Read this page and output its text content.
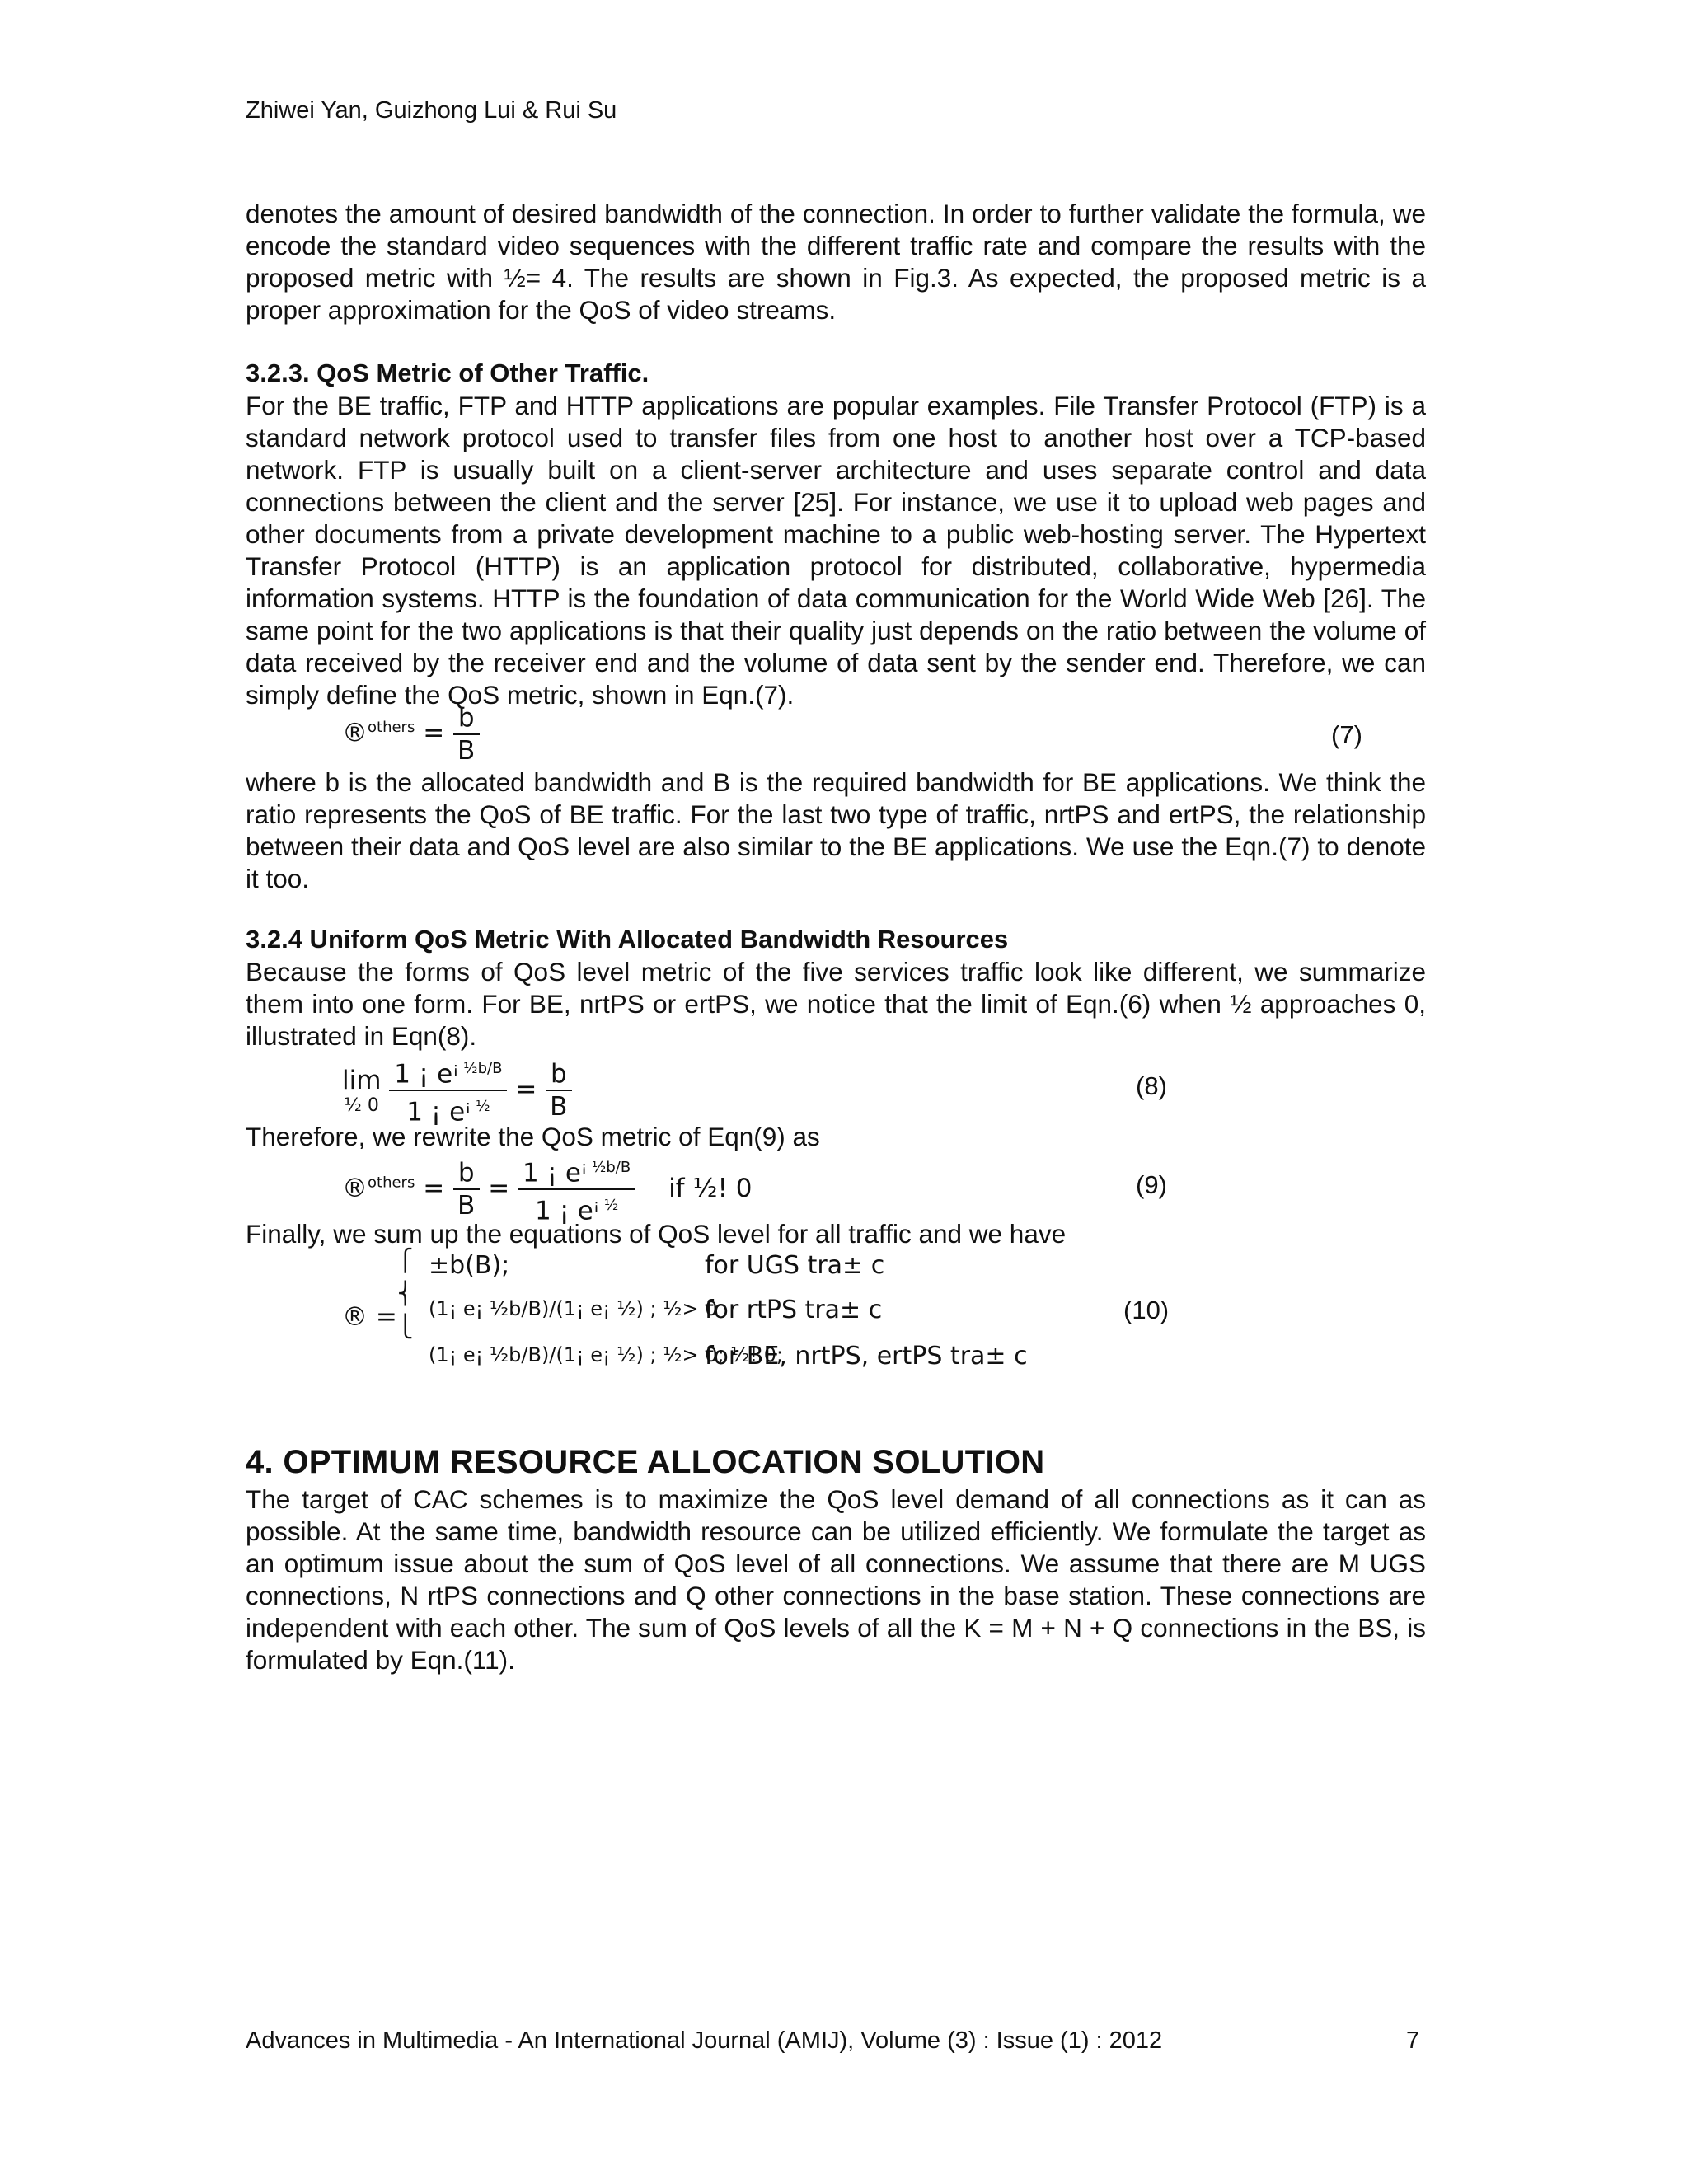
Zhiwei Yan, Guizhong Lui & Rui Su

denotes the amount of desired bandwidth of the connection. In order to further validate the formula, we encode the standard video sequences with the different traffic rate and compare the results with the proposed metric with ½= 4. The results are shown in Fig.3. As expected, the proposed metric is a proper approximation for the QoS of video streams.

3.2.3. QoS Metric of Other Traffic.

For the BE traffic, FTP and HTTP applications are popular examples. File Transfer Protocol (FTP) is a standard network protocol used to transfer files from one host to another host over a TCP-based network. FTP is usually built on a client-server architecture and uses separate control and data connections between the client and the server [25]. For instance, we use it to upload web pages and other documents from a private development machine to a public web-hosting server. The Hypertext Transfer Protocol (HTTP) is an application protocol for distributed, collaborative, hypermedia information systems. HTTP is the foundation of data communication for the World Wide Web [26]. The same point for the two applications is that their quality just depends on the ratio between the volume of data received by the receiver end and the volume of data sent by the sender end. Therefore, we can simply define the QoS metric, shown in Eqn.(7).

®$^{others}$ = $\frac{b}{B}$	(7)

where b is the allocated bandwidth and B is the required bandwidth for BE applications. We think the ratio represents the QoS of BE traffic. For the last two type of traffic, nrtPS and ertPS, the relationship between their data and QoS level are also similar to the BE applications. We use the Eqn.(7) to denote it too.

3.2.4 Uniform QoS Metric With Allocated Bandwidth Resources

Because the forms of QoS level metric of the five services traffic look like different, we summarize them into one form. For BE, nrtPS or ertPS, we notice that the limit of Eqn.(6) when ½ approaches 0, illustrated in Eqn(8).

lim
½ 0
$\frac{1 ¡ e^{¡ \frac{1}{2}b/B}}{1 ¡ e^{¡ \frac{1}{2}}} = \frac{b}{B}$	(8)

Therefore, we rewrite the QoS metric of Eqn(9) as

®$^{others}$ = $\frac{b}{B} = \frac{1 ¡ e^{¡ \frac{1}{2}b/B}}{1 ¡ e^{¡ \frac{1}{2}}}$ if ½! 0	(9)

Finally, we sum up the equations of QoS level for all traffic and we have

® =
⎧
⎨
⎩
±b(B);	for UGS tra± c
(1¡ e¡ ½b/B)/(1¡ e¡ ½) ; ½> 0
for rtPS tra± c
(1¡ e¡ ½b/B)/(1¡ e¡ ½) ; ½> 0; ½! 0;
for BE, nrtPS, ertPS tra± c
(10)
4. OPTIMUM RESOURCE ALLOCATION SOLUTION

The target of CAC schemes is to maximize the QoS level demand of all connections as it can as possible. At the same time, bandwidth resource can be utilized efficiently. We formulate the target as an optimum issue about the sum of QoS level of all connections. We assume that there are M UGS connections, N rtPS connections and Q other connections in the base station. These connections are independent with each other. The sum of QoS levels of all the K = M + N + Q connections in the BS, is formulated by Eqn.(11).

Advances in Multimedia - An International Journal (AMIJ), Volume (3) : Issue (1) : 2012	7
